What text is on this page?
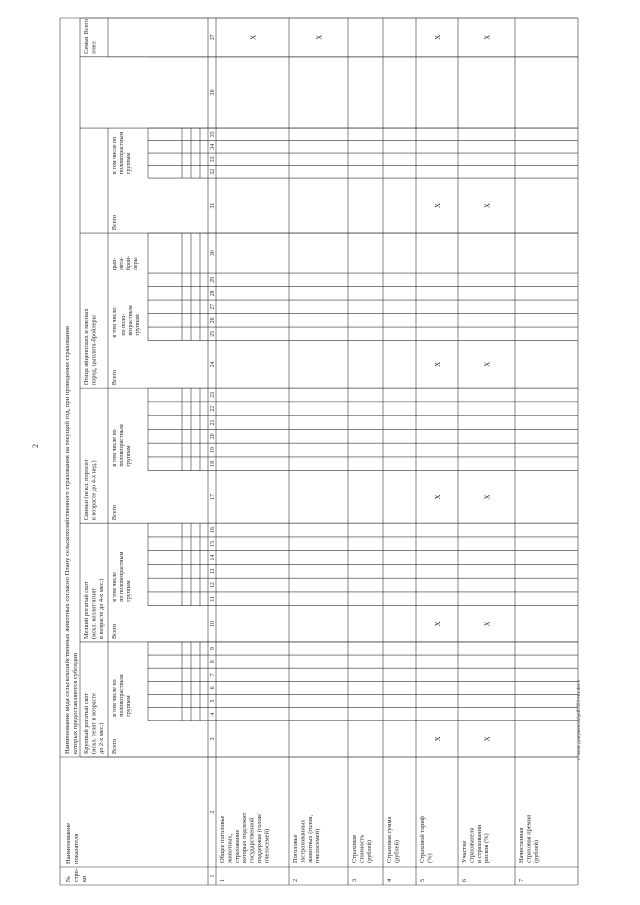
2
№ стро- ки
Наименование показателя
Наименование вида сельскохозяйственных животных согласно Плану сельскохозяйственного страхования на текущий год, при проведении страхования которых предоставляются субсидии Крупный рогатый скот (искл. телят в возрасте до 2-х мес.)
Мелкий рогатый скот (искл. козлят/ягнят в возрасте до 4-х мес.)
Свиньи (искл. поросят в возрасте до 4-х нед.)
Птица яйценоских и мясных пород, цыплята-бройлеры
Семьи пчел
Всего
Всего
в том числе по половозрастным группам
Всего
в том числе по половозрастным группам
Всего
в том числе по половозрастным группам
Всего
в том числе: по поло- возрастным группам
цып- лята- брой- леры
Всего
в том числе по половозрастным группам
1
2
3
4
5
6
7
8
9
10
11
12
13
14
15
16
17
18
19
20
21
22
23
24
25
26
27
28
29
30
31
32
33
34
35
36
37
1
Общее поголовье животных, страхование которых подлежит государственной поддержке (голов/ пчелосемей)
2
Поголовье застрахованных животных (голов, пчелосемей)
3
Страховая стоимость (рублей)
4
Страховая сумма (рублей)
5
Страховой тариф (%)
6
Участие страхователя в страховании рисков (%)
7
Начисленная страховая премия (рублей)
Х	Х
Х
Х
Х
Х
Х
Х
Х
Х
Х
Х
Х
Х
c:\мои документы\pdf\391-пп.docx
